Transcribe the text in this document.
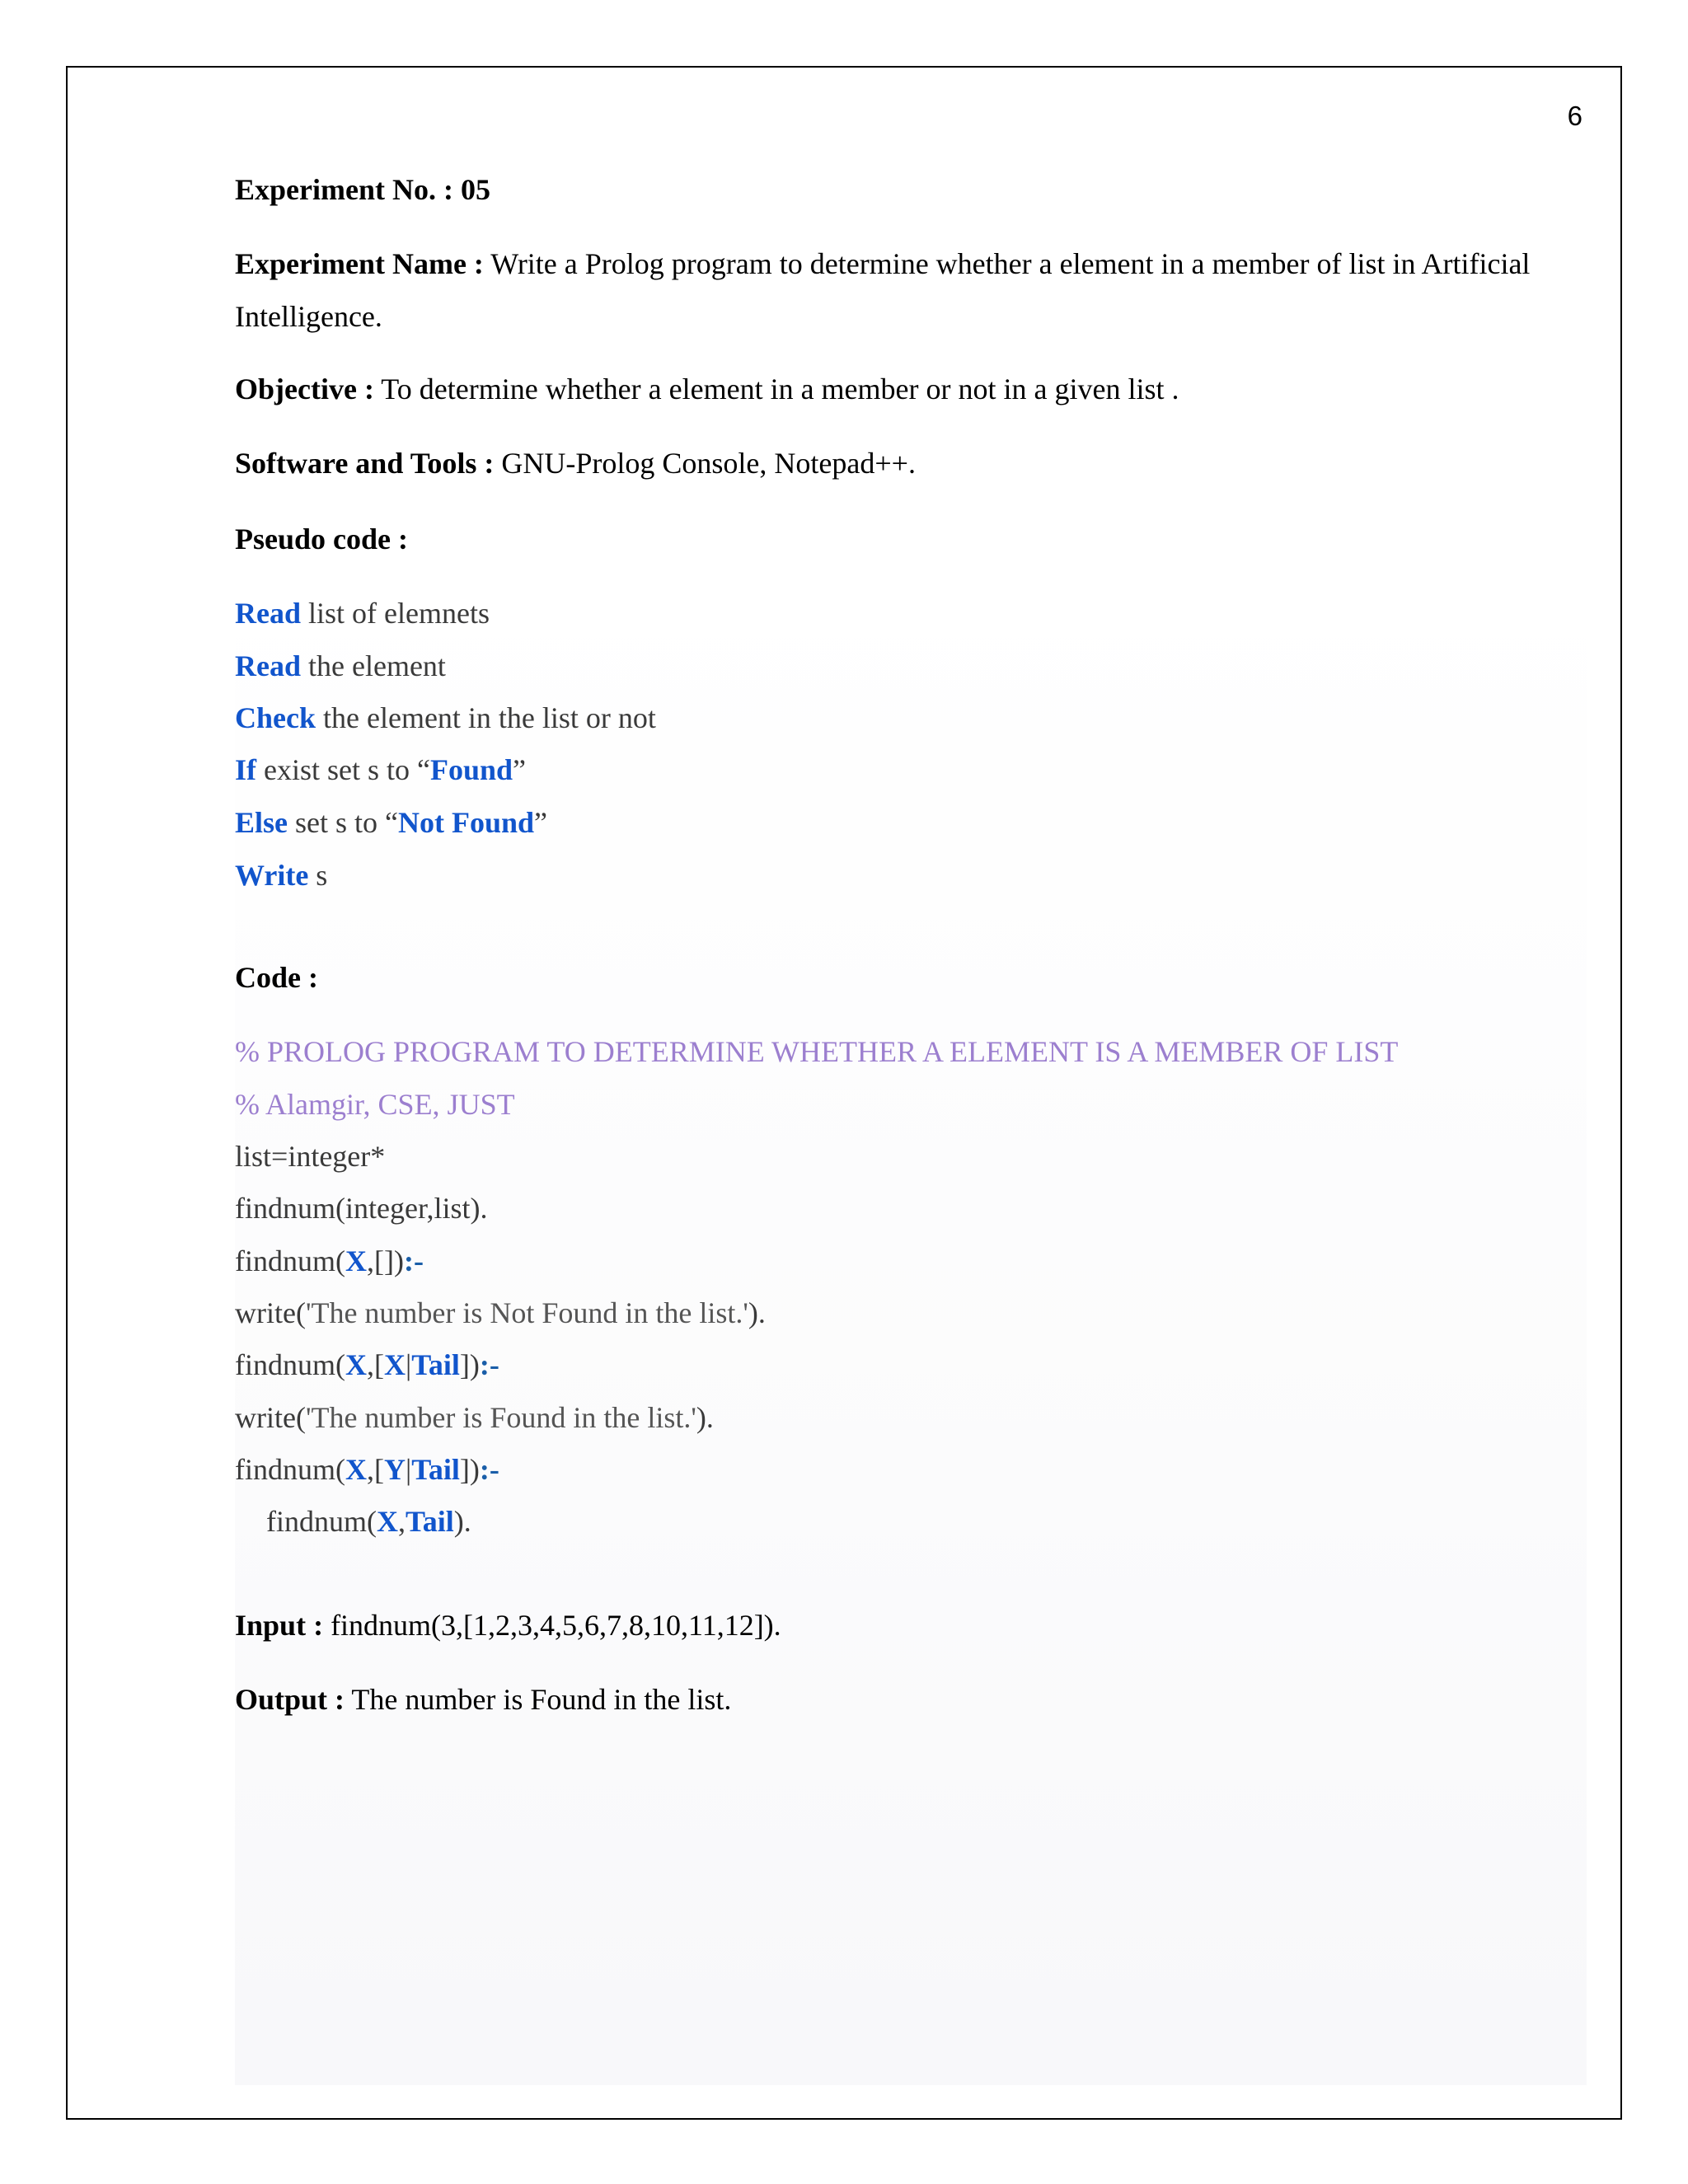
6
Experiment No. : 05
Experiment Name : Write a Prolog program to determine whether a element in a member of list in Artificial Intelligence.
Objective : To determine whether a element in a member or not in a given list .
Software and Tools : GNU-Prolog Console, Notepad++.
Pseudo code :
Read list of elemnets
Read the element
Check the element in the list or not
If exist set s to “Found”
Else set s to “Not Found”
Write s
Code :
% PROLOG PROGRAM TO DETERMINE WHETHER A ELEMENT IS A MEMBER OF LIST
% Alamgir, CSE, JUST
list=integer*
findnum(integer,list).
findnum(X,[]):-
write('The number is Not Found in the list.').
findnum(X,[X|Tail]):-
write('The number is Found in the list.').
findnum(X,[Y|Tail]):-
findnum(X,Tail).
Input : findnum(3,[1,2,3,4,5,6,7,8,10,11,12]).
Output : The number is Found in the list.
